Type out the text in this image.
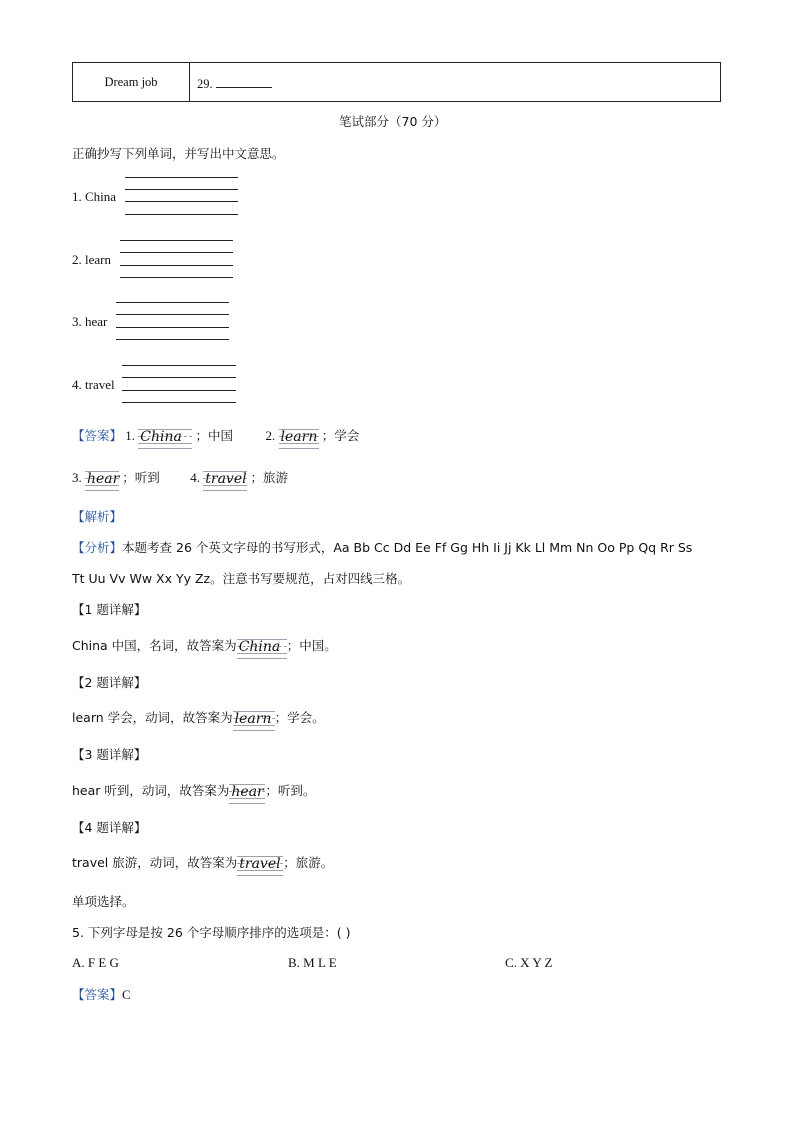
Dream job	29.
笔试部分（70 分）
正确抄写下列单词，并写出中文意思。
1. China
2. learn
3. hear
4. travel
【答案】 1. China ；中国	2. learn ；学会
3. hear ；听到 4. travel ；旅游
【解析】
【分析】本题考查 26 个英文字母的书写形式，Aa Bb Cc Dd Ee Ff Gg Hh Ii Jj Kk Ll Mm Nn Oo Pp Qq Rr Ss
Tt Uu Vv Ww Xx Yy Zz。注意书写要规范，占对四线三格。
【1 题详解】
China 中国，名词，故答案为 China ；中国。
【2 题详解】
learn 学会，动词，故答案为 learn ；学会。
【3 题详解】
hear 听到，动词，故答案为 hear ；听到。
【4 题详解】
travel 旅游，动词，故答案为 travel ；旅游。
单项选择。
5. 下列字母是按 26 个字母顺序排序的选项是：( )
A. F E G	B. M L E	C. X Y Z
【答案】C
